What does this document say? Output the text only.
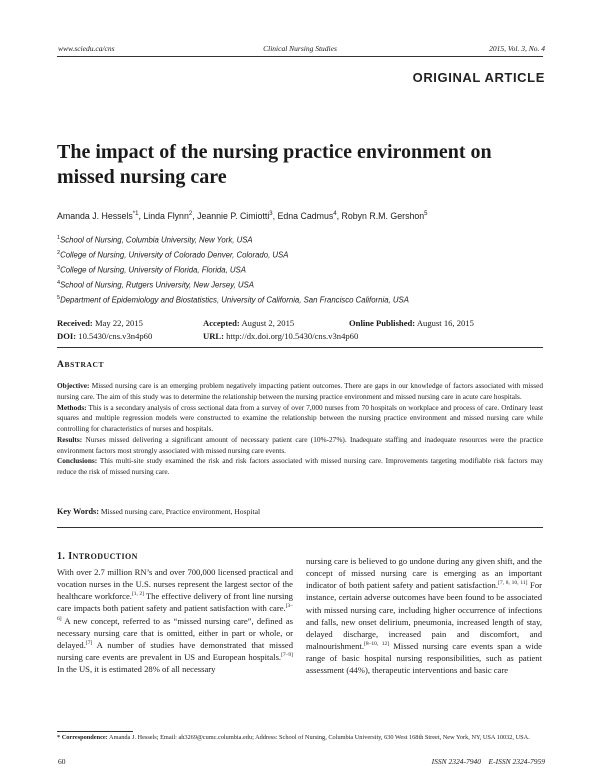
www.sciedu.ca/cns	Clinical Nursing Studies	2015, Vol. 3, No. 4
ORIGINAL ARTICLE
The impact of the nursing practice environment on
missed nursing care
Amanda J. Hessels$^{*1}$, Linda Flynn$^2$, Jeannie P. Cimiotti$^3$, Edna Cadmus$^4$, Robyn R.M. Gershon$^5$
$^1$School of Nursing, Columbia University, New York, USA
$^2$College of Nursing, University of Colorado Denver, Colorado, USA
$^3$College of Nursing, University of Florida, Florida, USA
$^4$School of Nursing, Rutgers University, New Jersey, USA
$^5$Department of Epidemiology and Biostatistics, University of California, San Francisco California, USA
Received: May 22, 2015	Accepted: August 2, 2015	Online Published: August 16, 2015
DOI: 10.5430/cns.v3n4p60	URL: http://dx.doi.org/10.5430/cns.v3n4p60
ABSTRACT

Objective: Missed nursing care is an emerging problem negatively impacting patient outcomes. There are gaps in our knowledge of factors associated with missed nursing care. The aim of this study was to determine the relationship between the nursing practice environment and missed nursing care in acute care hospitals.

Methods: This is a secondary analysis of cross sectional data from a survey of over 7,000 nurses from 70 hospitals on workplace and process of care. Ordinary least squares and multiple regression models were constructed to examine the relationship between the nursing practice environment and missed nursing care while controlling for characteristics of nurses and hospitals.

Results: Nurses missed delivering a significant amount of necessary patient care (10%-27%). Inadequate staffing and inadequate resources were the practice environment factors most strongly associated with missed nursing care events.

Conclusions: This multi-site study examined the risk and risk factors associated with missed nursing care. Improvements targeting modifiable risk factors may reduce the risk of missed nursing care.

Key Words: Missed nursing care, Practice environment, Hospital
1. INTRODUCTION
With over 2.7 million RN’s and over 700,000 licensed practical and vocation nurses in the U.S. nurses represent the largest sector of the healthcare workforce.[1, 2] The effective delivery of front line nursing care impacts both patient safety and patient satisfaction with care.[3–6] A new concept, referred to as “missed nursing care”, defined as necessary nursing care that is omitted, either in part or whole, or delayed.[7] A number of studies have demonstrated that missed nursing care events are prevalent in US and European hospitals.[7–9] In the US, it is estimated 28% of all necessary
nursing care is believed to go undone during any given shift, and the concept of missed nursing care is emerging as an important indicator of both patient safety and patient satisfaction.[7, 8, 10, 11] For instance, certain adverse outcomes have been found to be associated with missed nursing care, including higher occurrence of infections and falls, new onset delirium, pneumonia, increased length of stay, delayed discharge, increased pain and discomfort, and malnourishment.[8–10, 12] Missed nursing care events span a wide range of basic hospital nursing responsibilities, such as patient assessment (44%), therapeutic interventions and basic care
* Correspondence: Amanda J. Hessels; Email: ah3269@cumc.columbia.edu; Address: School of Nursing, Columbia University, 630 West 168th Street, New York, NY, USA 10032, USA.
60	ISSN 2324-7940    E-ISSN 2324-7959
